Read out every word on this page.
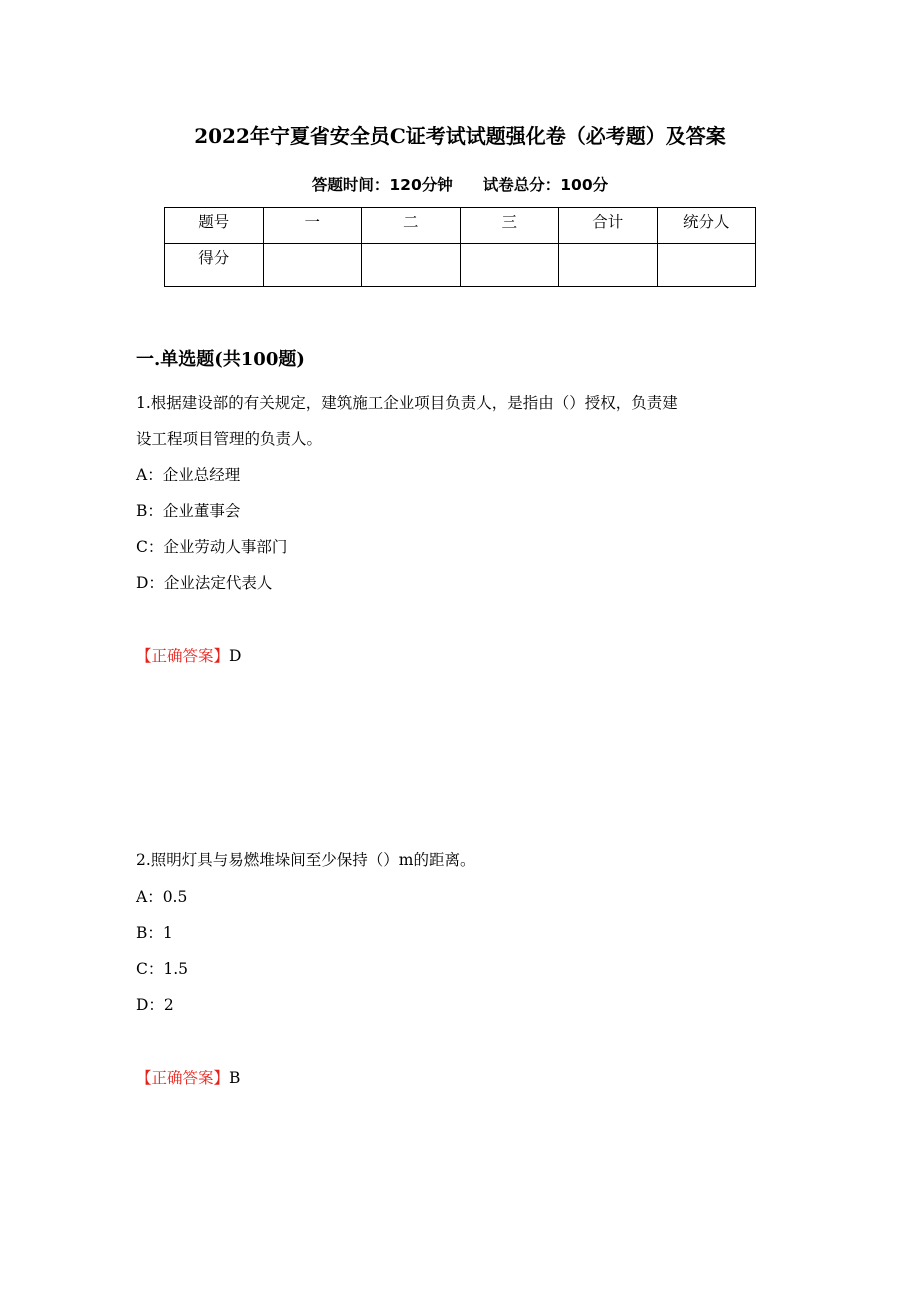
2022年宁夏省安全员C证考试试题强化卷（必考题）及答案
答题时间：120分钟 试卷总分：100分
题号	一	二	三	合计	统分人
得分					
一.单选题(共100题)
1.根据建设部的有关规定，建筑施工企业项目负责人，是指由（）授权，负责建
设工程项目管理的负责人。
A：企业总经理
B：企业董事会
C：企业劳动人事部门
D：企业法定代表人
【正确答案】D
2.照明灯具与易燃堆垛间至少保持（）m的距离。
A：0.5
B：1
C：1.5
D：2
【正确答案】B
